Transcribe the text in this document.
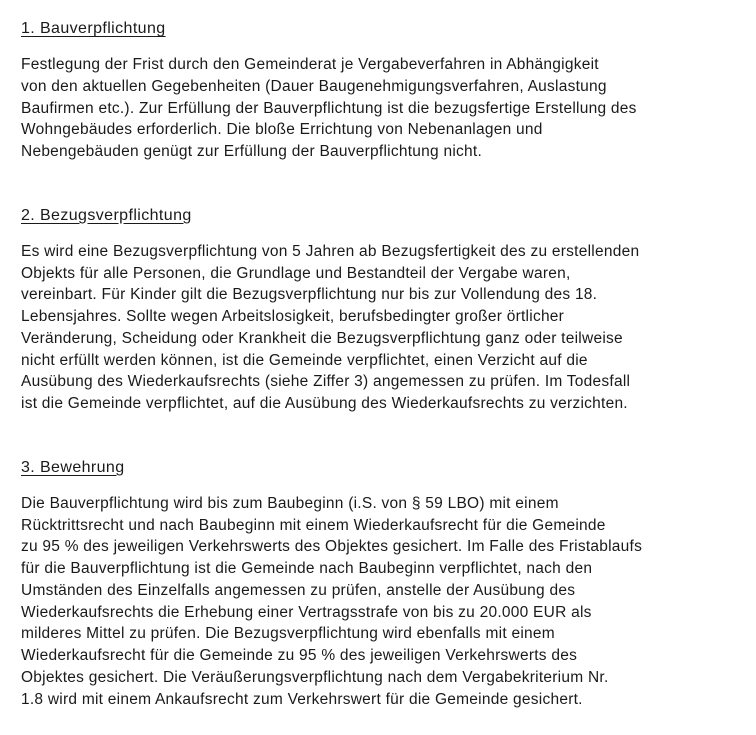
1. Bauverpflichtung
Festlegung der Frist durch den Gemeinderat je Vergabeverfahren in Abhängigkeit
von den aktuellen Gegebenheiten (Dauer Baugenehmigungsverfahren, Auslastung
Baufirmen etc.). Zur Erfüllung der Bauverpflichtung ist die bezugsfertige Erstellung des
Wohngebäudes erforderlich. Die bloße Errichtung von Nebenanlagen und
Nebengebäuden genügt zur Erfüllung der Bauverpflichtung nicht.
2. Bezugsverpflichtung
Es wird eine Bezugsverpflichtung von 5 Jahren ab Bezugsfertigkeit des zu erstellenden
Objekts für alle Personen, die Grundlage und Bestandteil der Vergabe waren,
vereinbart. Für Kinder gilt die Bezugsverpflichtung nur bis zur Vollendung des 18.
Lebensjahres. Sollte wegen Arbeitslosigkeit, berufsbedingter großer örtlicher
Veränderung, Scheidung oder Krankheit die Bezugsverpflichtung ganz oder teilweise
nicht erfüllt werden können, ist die Gemeinde verpflichtet, einen Verzicht auf die
Ausübung des Wiederkaufsrechts (siehe Ziffer 3) angemessen zu prüfen. Im Todesfall
ist die Gemeinde verpflichtet, auf die Ausübung des Wiederkaufsrechts zu verzichten.
3. Bewehrung
Die Bauverpflichtung wird bis zum Baubeginn (i.S. von § 59 LBO) mit einem
Rücktrittsrecht und nach Baubeginn mit einem Wiederkaufsrecht für die Gemeinde
zu 95 % des jeweiligen Verkehrswerts des Objektes gesichert. Im Falle des Fristablaufs
für die Bauverpflichtung ist die Gemeinde nach Baubeginn verpflichtet, nach den
Umständen des Einzelfalls angemessen zu prüfen, anstelle der Ausübung des
Wiederkaufsrechts die Erhebung einer Vertragsstrafe von bis zu 20.000 EUR als
milderes Mittel zu prüfen. Die Bezugsverpflichtung wird ebenfalls mit einem
Wiederkaufsrecht für die Gemeinde zu 95 % des jeweiligen Verkehrswerts des
Objektes gesichert. Die Veräußerungsverpflichtung nach dem Vergabekriterium Nr.
1.8 wird mit einem Ankaufsrecht zum Verkehrswert für die Gemeinde gesichert.
